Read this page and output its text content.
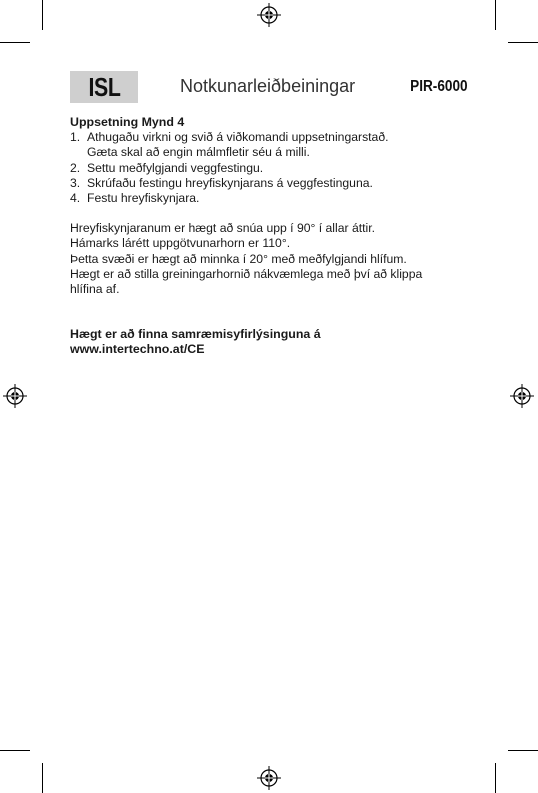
ISL	Notkunarleiðbeiningar	PIR-6000
Uppsetning Mynd 4
1. Athugaðu virkni og svið á viðkomandi uppsetningarstað.
Gæta skal að engin málmfletir séu á milli.
2. Settu meðfylgjandi veggfestingu.
3. Skrúfaðu festingu hreyfiskynjarans á veggfestinguna.
4. Festu hreyfiskynjara.
Hreyfiskynjaranum er hægt að snúa upp í 90° í allar áttir.
Hámarks lárétt uppgötvunarhorn er 110°.
Þetta svæði er hægt að minnka í 20° með meðfylgjandi hlífum.
Hægt er að stilla greiningarhornið nákvæmlega með því að klippa
hlífina af.
Hægt er að finna samræmisyfirlýsinguna á
www.intertechno.at/CE
